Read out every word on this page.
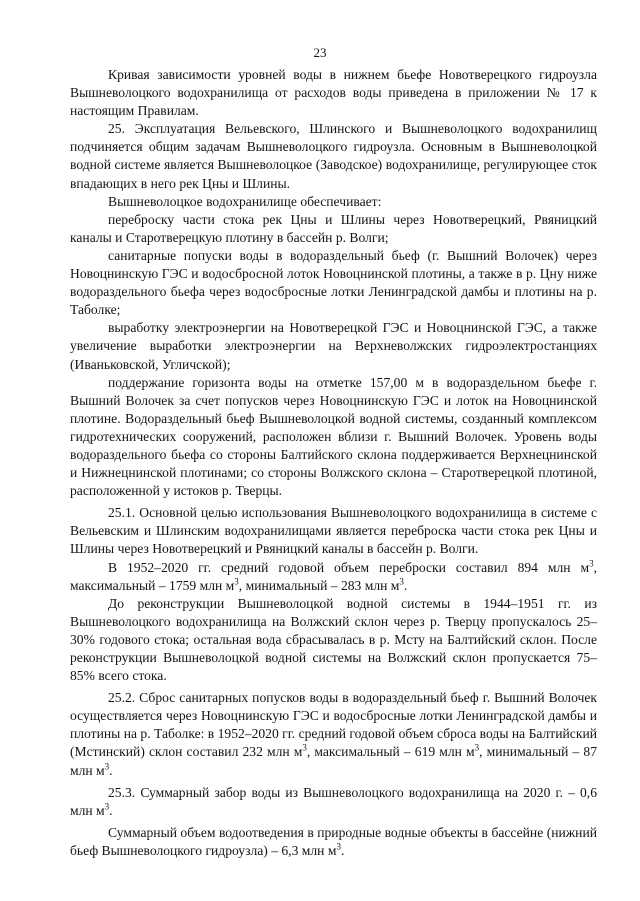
23

Кривая зависимости уровней воды в нижнем бьефе Новотверецкого гидроузла Вышневолоцкого водохранилища от расходов воды приведена в приложении № 17 к настоящим Правилам.

25. Эксплуатация Вельевского, Шлинского и Вышневолоцкого водохранилищ подчиняется общим задачам Вышневолоцкого гидроузла. Основным в Вышневолоцкой водной системе является Вышневолоцкое (Заводское) водохранилище, регулирующее сток впадающих в него рек Цны и Шлины.

Вышневолоцкое водохранилище обеспечивает:

переброску части стока рек Цны и Шлины через Новотверецкий, Рвяницкий каналы и Старотверецкую плотину в бассейн р. Волги;

санитарные попуски воды в водораздельный бьеф (г. Вышний Волочек) через Новоцнинскую ГЭС и водосбросной лоток Новоцнинской плотины, а также в р. Цну ниже водораздельного бьефа через водосбросные лотки Ленинградской дамбы и плотины на р. Таболке;

выработку электроэнергии на Новотверецкой ГЭС и Новоцнинской ГЭС, а также увеличение выработки электроэнергии на Верхневолжских гидроэлектростанциях (Иваньковской, Угличской);

поддержание горизонта воды на отметке 157,00 м в водораздельном бьефе г. Вышний Волочек за счет попусков через Новоцнинскую ГЭС и лоток на Новоцнинской плотине. Водораздельный бьеф Вышневолоцкой водной системы, созданный комплексом гидротехнических сооружений, расположен вблизи г. Вышний Волочек. Уровень воды водораздельного бьефа со стороны Балтийского склона поддерживается Верхнецнинской и Нижнецнинской плотинами; со стороны Волжского склона – Старотверецкой плотиной, расположенной у истоков р. Тверцы.

25.1. Основной целью использования Вышневолоцкого водохранилища в системе с Вельевским и Шлинским водохранилищами является переброска части стока рек Цны и Шлины через Новотверецкий и Рвяницкий каналы в бассейн р. Волги.

В 1952–2020 гг. средний годовой объем переброски составил 894 млн $м^3$, максимальный – 1759 млн $м^3$, минимальный – 283 млн $м^3$.

До реконструкции Вышневолоцкой водной системы в 1944–1951 гг. из Вышневолоцкого водохранилища на Волжский склон через р. Тверцу пропускалось 25–30% годового стока; остальная вода сбрасывалась в р. Мсту на Балтийский склон. После реконструкции Вышневолоцкой водной системы на Волжский склон пропускается 75–85% всего стока.

25.2. Сброс санитарных попусков воды в водораздельный бьеф г. Вышний Волочек осуществляется через Новоцнинскую ГЭС и водосбросные лотки Ленинградской дамбы и плотины на р. Таболке: в 1952–2020 гг. средний годовой объем сброса воды на Балтийский (Мстинский) склон составил 232 млн $м^3$, максимальный – 619 млн $м^3$, минимальный – 87 млн $м^3$.

25.3. Суммарный забор воды из Вышневолоцкого водохранилища на 2020 г. – 0,6 млн $м^3$.

Суммарный объем водоотведения в природные водные объекты в бассейне (нижний бьеф Вышневолоцкого гидроузла) – 6,3 млн $м^3$.
